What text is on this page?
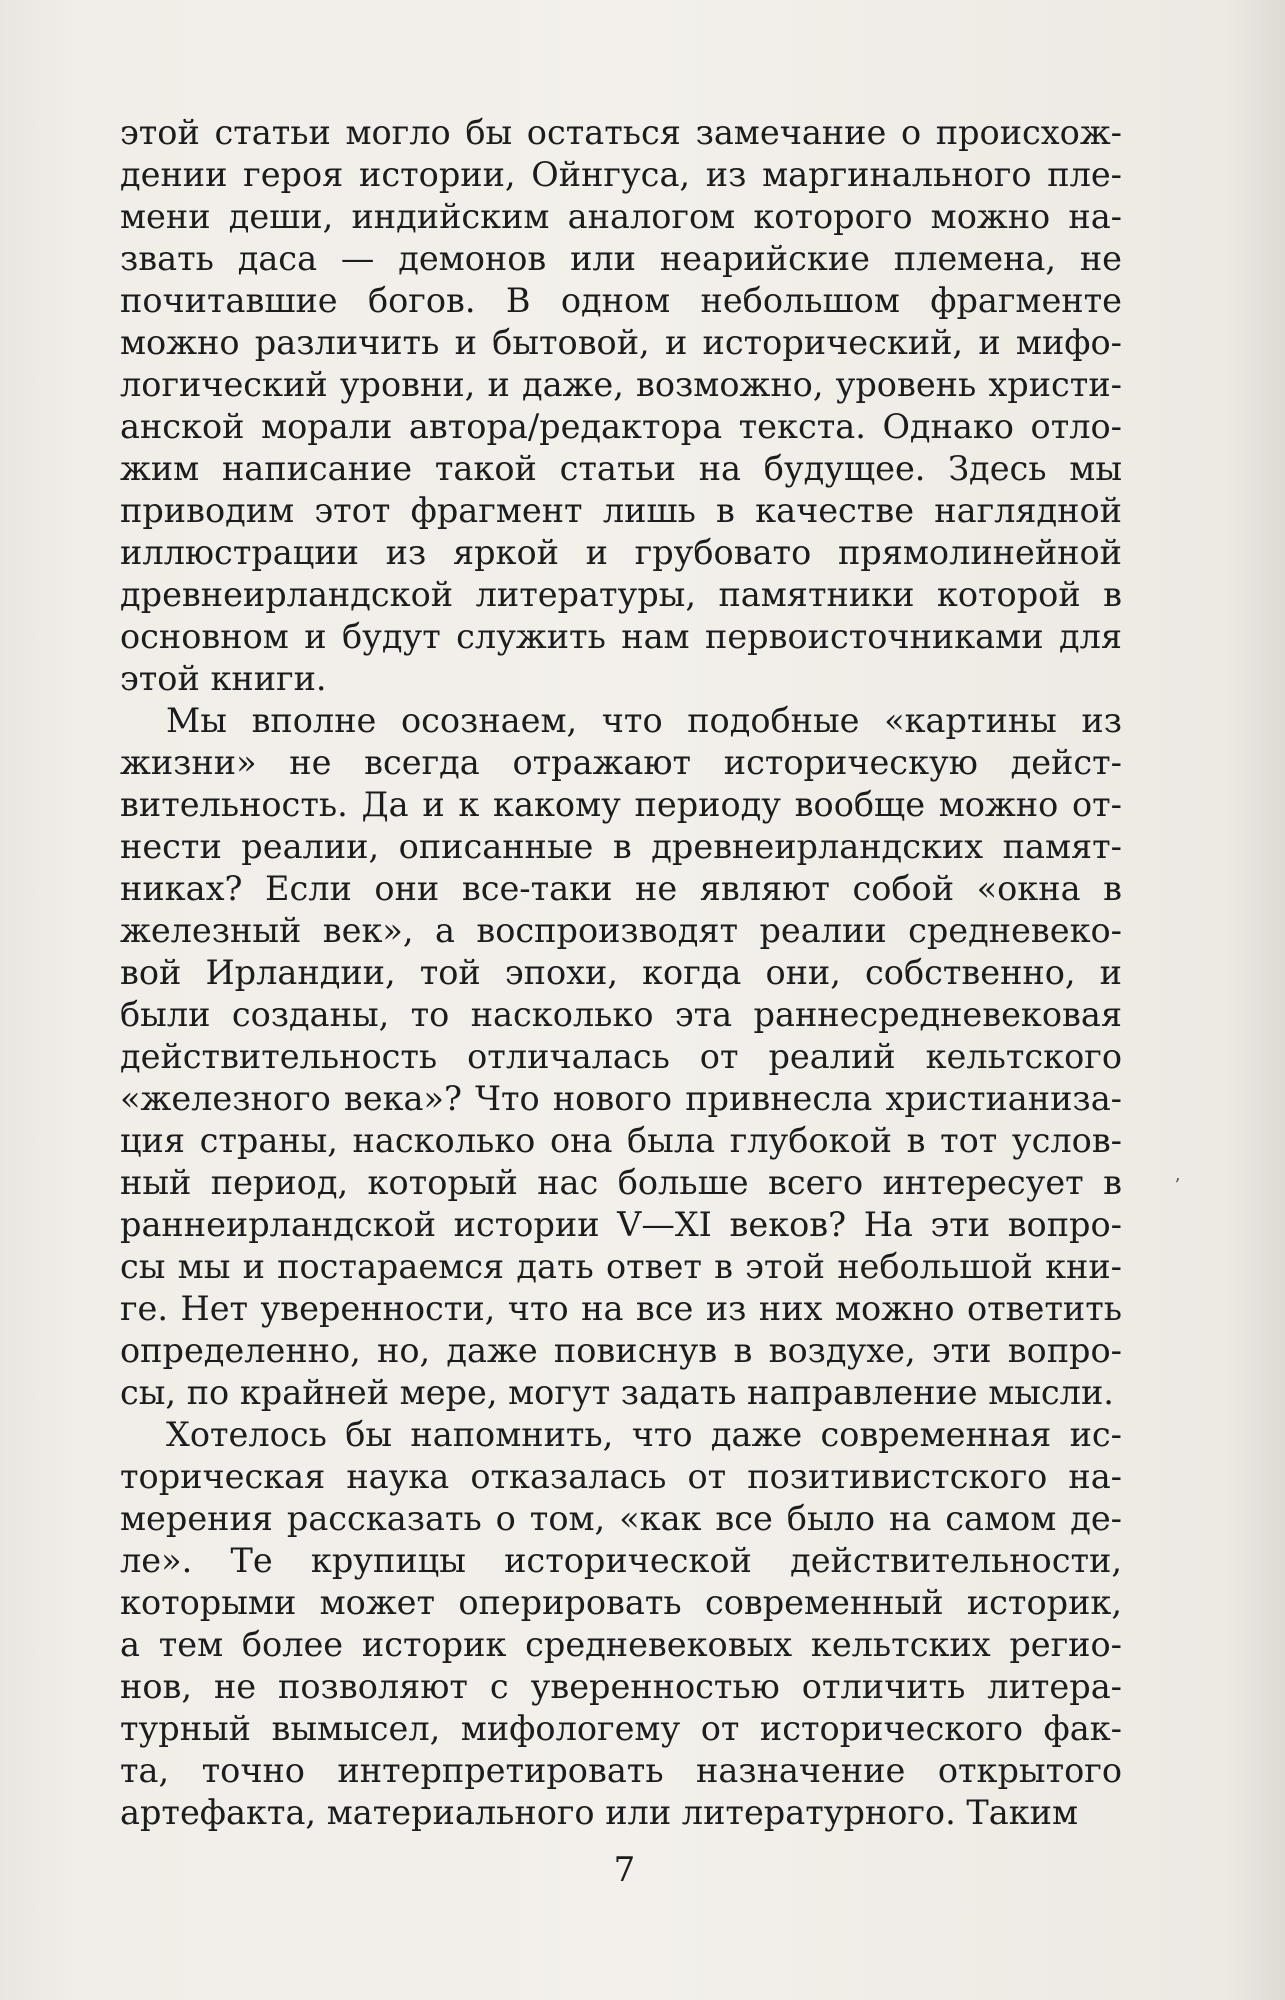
этой статьи могло бы остаться замечание о происхож-
дении героя истории, Ойнгуса, из маргинального пле-
мени деши, индийским аналогом которого можно на-
звать даса — демонов или неарийские племена, не
почитавшие богов. В одном небольшом фрагменте
можно различить и бытовой, и исторический, и мифо-
логический уровни, и даже, возможно, уровень христи-
анской морали автора/редактора текста. Однако отло-
жим написание такой статьи на будущее. Здесь мы
приводим этот фрагмент лишь в качестве наглядной
иллюстрации из яркой и грубовато прямолинейной
древнеирландской литературы, памятники которой в
основном и будут служить нам первоисточниками для
этой книги.
Мы вполне осознаем, что подобные «картины из
жизни» не всегда отражают историческую дейст-
вительность. Да и к какому периоду вообще можно от-
нести реалии, описанные в древнеирландских памят-
никах? Если они все-таки не являют собой «окна в
железный век», а воспроизводят реалии средневеко-
вой Ирландии, той эпохи, когда они, собственно, и
были созданы, то насколько эта раннесредневековая
действительность отличалась от реалий кельтского
«железного века»? Что нового привнесла христианиза-
ция страны, насколько она была глубокой в тот услов-
ный период, который нас больше всего интересует в
раннеирландской истории V—XI веков? На эти вопро-
сы мы и постараемся дать ответ в этой небольшой кни-
ге. Нет уверенности, что на все из них можно ответить
определенно, но, даже повиснув в воздухе, эти вопро-
сы, по крайней мере, могут задать направление мысли.
Хотелось бы напомнить, что даже современная ис-
торическая наука отказалась от позитивистского на-
мерения рассказать о том, «как все было на самом де-
ле». Те крупицы исторической действительности,
которыми может оперировать современный историк,
а тем более историк средневековых кельтских регио-
нов, не позволяют с уверенностью отличить литера-
турный вымысел, мифологему от исторического фак-
та, точно интерпретировать назначение открытого
артефакта, материального или литературного. Таким
ʼ
7
